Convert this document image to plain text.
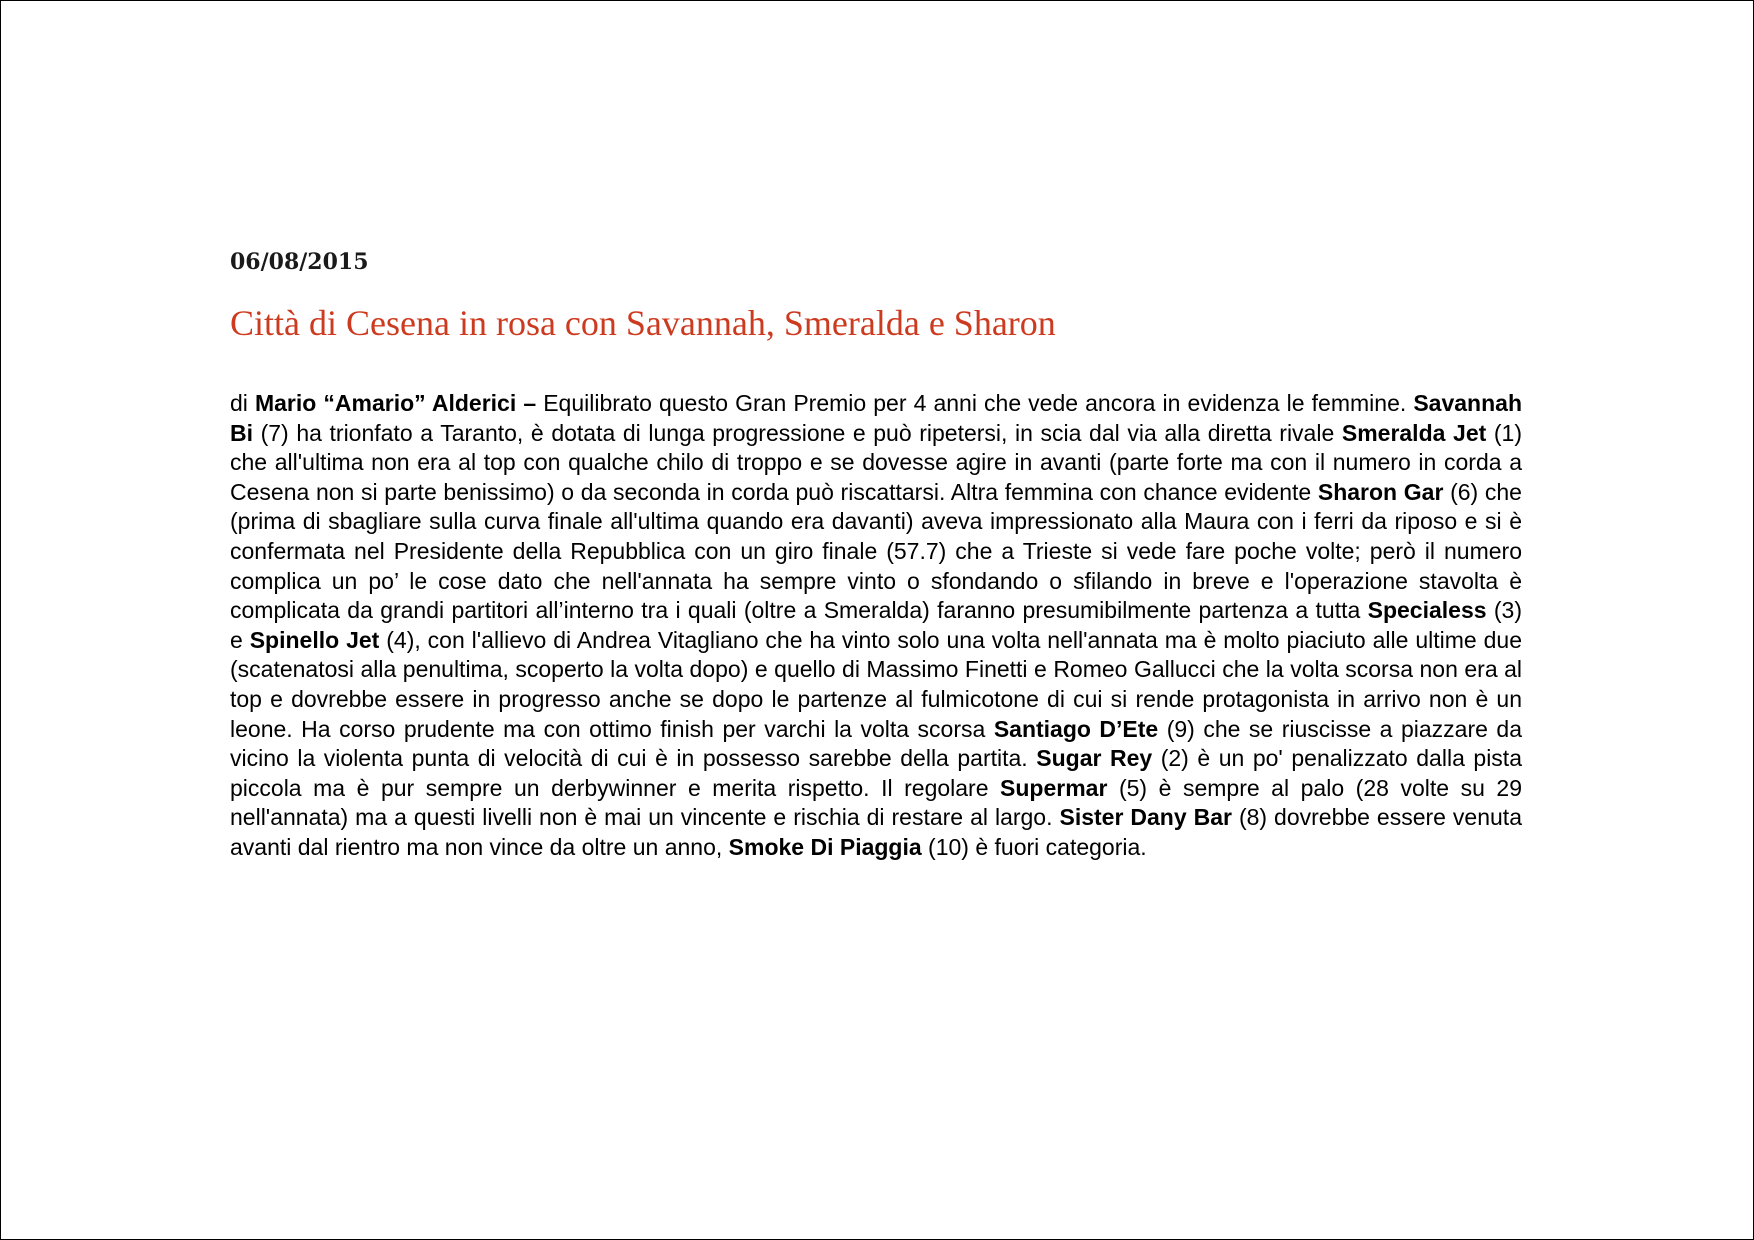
06/08/2015
Città di Cesena in rosa con Savannah, Smeralda e Sharon

di Mario “Amario” Alderici – Equilibrato questo Gran Premio per 4 anni che vede ancora in evidenza le femmine. Savannah Bi (7) ha trionfato a Taranto, è dotata di lunga progressione e può ripetersi, in scia dal via alla diretta rivale Smeralda Jet (1) che all'ultima non era al top con qualche chilo di troppo e se dovesse agire in avanti (parte forte ma con il numero in corda a Cesena non si parte benissimo) o da seconda in corda può riscattarsi. Altra femmina con chance evidente Sharon Gar (6) che (prima di sbagliare sulla curva finale all'ultima quando era davanti) aveva impressionato alla Maura con i ferri da riposo e si è confermata nel Presidente della Repubblica con un giro finale (57.7) che a Trieste si vede fare poche volte; però il numero complica un po’ le cose dato che nell'annata ha sempre vinto o sfondando o sfilando in breve e l'operazione stavolta è complicata da grandi partitori all’interno tra i quali (oltre a Smeralda) faranno presumibilmente partenza a tutta Specialess (3) e Spinello Jet (4), con l'allievo di Andrea Vitagliano che ha vinto solo una volta nell'annata ma è molto piaciuto alle ultime due (scatenatosi alla penultima, scoperto la volta dopo) e quello di Massimo Finetti e Romeo Gallucci che la volta scorsa non era al top e dovrebbe essere in progresso anche se dopo le partenze al fulmicotone di cui si rende protagonista in arrivo non è un leone. Ha corso prudente ma con ottimo finish per varchi la volta scorsa Santiago D’Ete (9) che se riuscisse a piazzare da vicino la violenta punta di velocità di cui è in possesso sarebbe della partita. Sugar Rey (2) è un po' penalizzato dalla pista piccola ma è pur sempre un derbywinner e merita rispetto. Il regolare Supermar (5) è sempre al palo (28 volte su 29 nell'annata) ma a questi livelli non è mai un vincente e rischia di restare al largo. Sister Dany Bar (8) dovrebbe essere venuta avanti dal rientro ma non vince da oltre un anno, Smoke Di Piaggia (10) è fuori categoria.
